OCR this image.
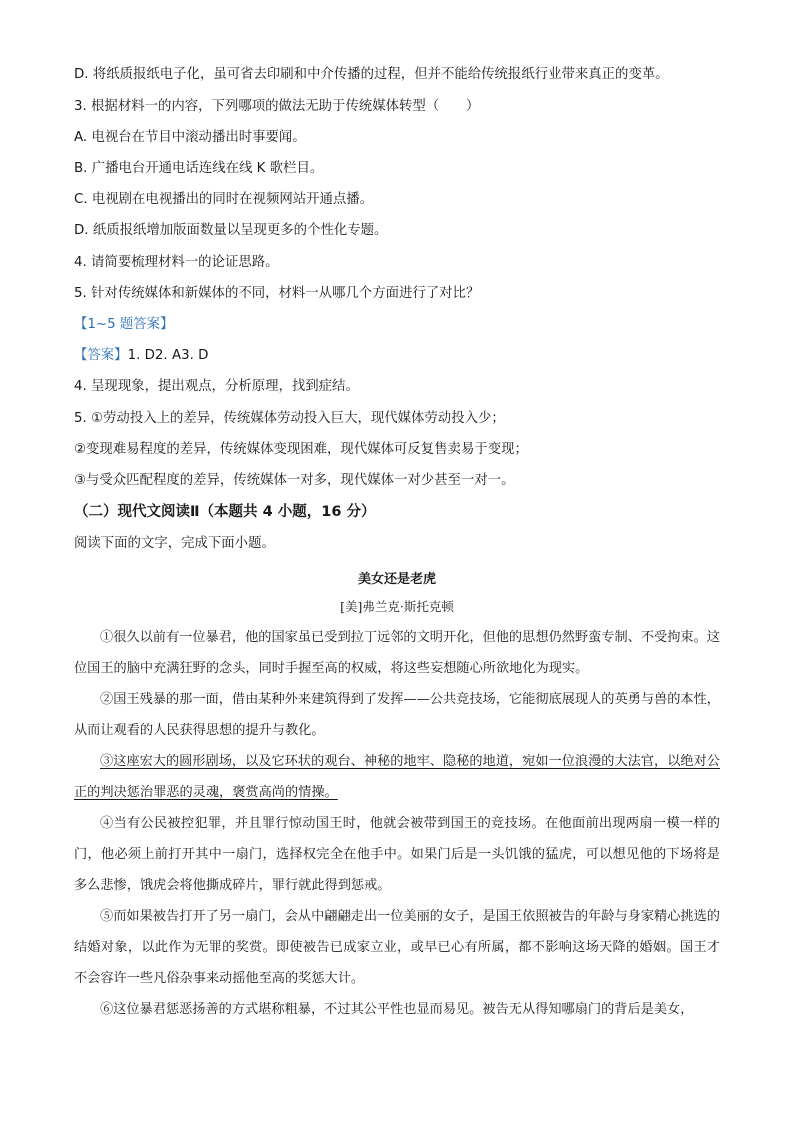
D. 将纸质报纸电子化，虽可省去印刷和中介传播的过程，但并不能给传统报纸行业带来真正的变革。
3. 根据材料一的内容，下列哪项的做法无助于传统媒体转型（　　）
A. 电视台在节目中滚动播出时事要闻。
B. 广播电台开通电话连线在线 K 歌栏目。
C. 电视剧在电视播出的同时在视频网站开通点播。
D. 纸质报纸增加版面数量以呈现更多的个性化专题。
4. 请简要梳理材料一的论证思路。
5. 针对传统媒体和新媒体的不同，材料一从哪几个方面进行了对比？
【1~5 题答案】
【答案】1. D2. A3. D
4. 呈现现象，提出观点，分析原理，找到症结。
5. ①劳动投入上的差异，传统媒体劳动投入巨大，现代媒体劳动投入少；
②变现难易程度的差异，传统媒体变现困难，现代媒体可反复售卖易于变现；
③与受众匹配程度的差异，传统媒体一对多，现代媒体一对少甚至一对一。
（二）现代文阅读Ⅱ（本题共 4 小题，16 分）
阅读下面的文字，完成下面小题。
美女还是老虎
[美]弗兰克·斯托克顿

①很久以前有一位暴君，他的国家虽已受到拉丁远邻的文明开化，但他的思想仍然野蛮专制、不受拘束。这位国王的脑中充满狂野的念头，同时手握至高的权威，将这些妄想随心所欲地化为现实。

②国王残暴的那一面，借由某种外来建筑得到了发挥——公共竞技场，它能彻底展现人的英勇与兽的本性，从而让观看的人民获得思想的提升与教化。

③这座宏大的圆形剧场，以及它环状的观台、神秘的地牢、隐秘的地道，宛如一位浪漫的大法官，以绝对公正的判决惩治罪恶的灵魂，褒赏高尚的情操。

④当有公民被控犯罪，并且罪行惊动国王时，他就会被带到国王的竞技场。在他面前出现两扇一模一样的门，他必须上前打开其中一扇门，选择权完全在他手中。如果门后是一头饥饿的猛虎，可以想见他的下场将是多么悲惨，饿虎会将他撕成碎片，罪行就此得到惩戒。

⑤而如果被告打开了另一扇门，会从中翩翩走出一位美丽的女子，是国王依照被告的年龄与身家精心挑选的结婚对象，以此作为无罪的奖赏。即使被告已成家立业，或早已心有所属，都不影响这场天降的婚姻。国王才不会容许一些凡俗杂事来动摇他至高的奖惩大计。

⑥这位暴君惩恶扬善的方式堪称粗暴，不过其公平性也显而易见。被告无从得知哪扇门的背后是美女，
